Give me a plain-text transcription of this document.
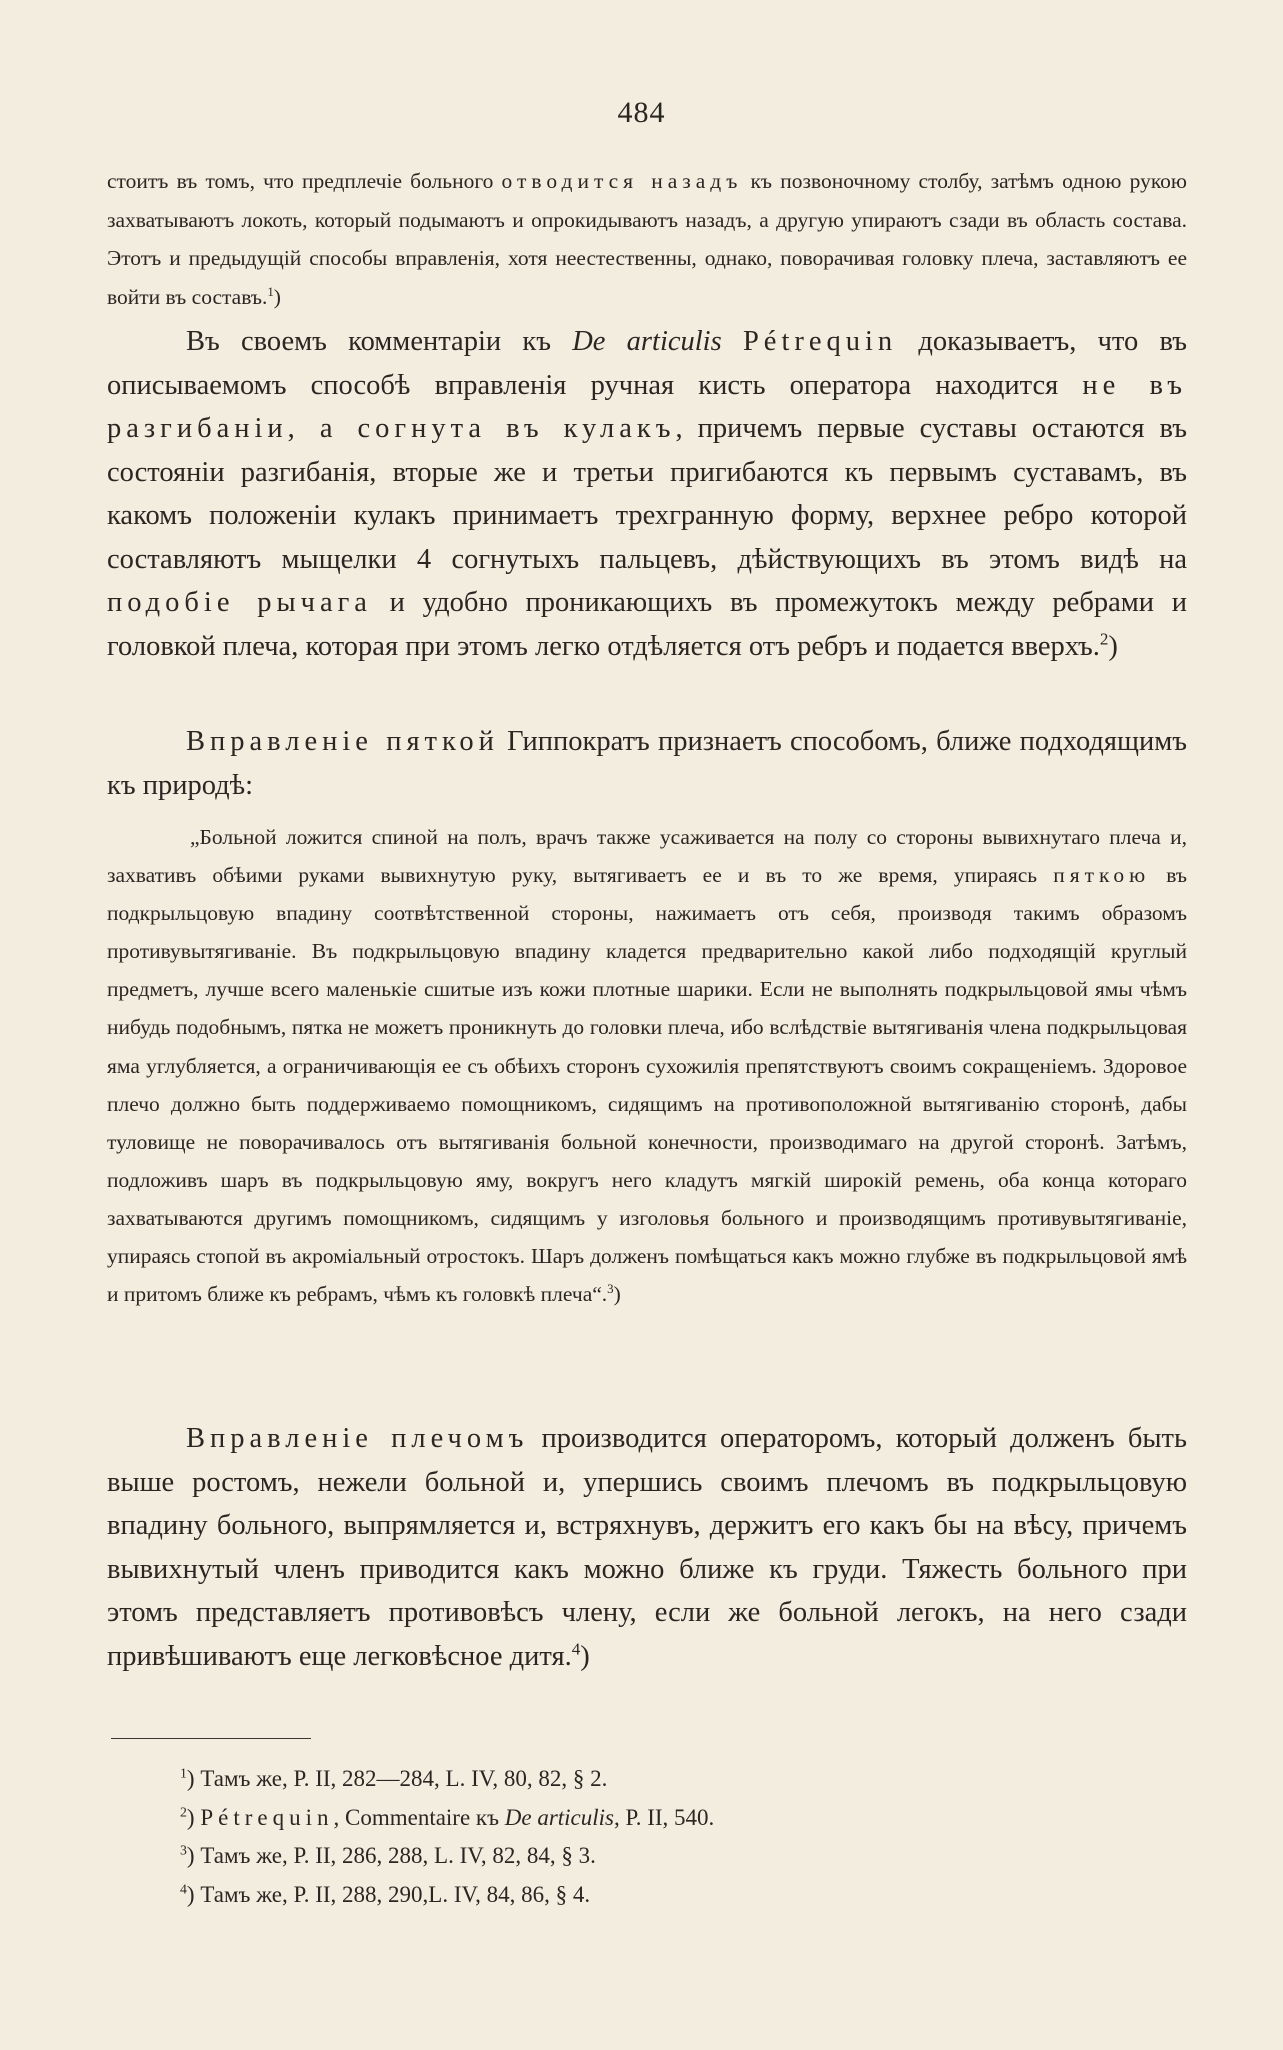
484
стоитъ въ томъ, что предплечіе больного отводится назадъ къ позвоночному столбу, затѣмъ одною рукою захватываютъ локоть, который подымаютъ и опрокидываютъ назадъ, а другую упираютъ сзади въ область состава. Этотъ и предыдущій способы вправленія, хотя неестественны, однако, поворачивая головку плеча, заставляютъ ее войти въ составъ.$^1$)
Въ своемъ комментаріи къ De articulis Pétrequin доказываетъ, что въ описываемомъ способѣ вправленія ручная кисть оператора находится не въ разгибаніи, а согнута въ кулакъ, причемъ первые суставы остаются въ состояніи разгибанія, вторые же и третьи пригибаются къ первымъ суставамъ, въ какомъ положеніи кулакъ принимаетъ трехгранную форму, верхнее ребро которой составляютъ мыщелки 4 согнутыхъ пальцевъ, дѣйствующихъ въ этомъ видѣ на подобіе рычага и удобно проникающихъ въ промежутокъ между ребрами и головкой плеча, которая при этомъ легко отдѣляется отъ ребръ и подается вверхъ.$^2$)
Вправленіе пяткой Гиппократъ признаетъ способомъ, ближе подходящимъ къ природѣ:
„Больной ложится спиной на полъ, врачъ также усаживается на полу со стороны вывихнутаго плеча и, захвативъ обѣими руками вывихнутую руку, вытягиваетъ ее и въ то же время, упираясь пяткою въ подкрыльцовую впадину соотвѣтственной стороны, нажимаетъ отъ себя, производя такимъ образомъ противувытягиваніе. Въ подкрыльцовую впадину кладется предварительно какой либо подходящій круглый предметъ, лучше всего маленькіе сшитые изъ кожи плотные шарики. Если не выполнять подкрыльцовой ямы чѣмъ нибудь подобнымъ, пятка не можетъ проникнуть до головки плеча, ибо вслѣдствіе вытягиванія члена подкрыльцовая яма углубляется, а ограничивающія ее съ обѣихъ сторонъ сухожилія препятствуютъ своимъ сокращеніемъ. Здоровое плечо должно быть поддерживаемо помощникомъ, сидящимъ на противоположной вытягиванію сторонѣ, дабы туловище не поворачивалось отъ вытягиванія больной конечности, производимаго на другой сторонѣ. Затѣмъ, подложивъ шаръ въ подкрыльцовую яму, вокругъ него кладутъ мягкій широкій ремень, оба конца котораго захватываются другимъ помощникомъ, сидящимъ у изголовья больного и производящимъ противувытягиваніе, упираясь стопой въ акроміальный отростокъ. Шаръ долженъ помѣщаться какъ можно глубже въ подкрыльцовой ямѣ и притомъ ближе къ ребрамъ, чѣмъ къ головкѣ плеча“.$^3$)
Вправленіе плечомъ производится операторомъ, который долженъ быть выше ростомъ, нежели больной и, упершись своимъ плечомъ въ подкрыльцовую впадину больного, выпрямляется и, встряхнувъ, держитъ его какъ бы на вѣсу, причемъ вывихнутый членъ приводится какъ можно ближе къ груди. Тяжесть больного при этомъ представляетъ противовѣсъ члену, если же больной легокъ, на него сзади привѣшиваютъ еще легковѣсное дитя.$^4$)
$^1$) Тамъ же, P. II, 282—284, L. IV, 80, 82, § 2.
$^2$) Pétrequin, Commentaire къ De articulis, P. II, 540.
$^3$) Тамъ же, P. II, 286, 288, L. IV, 82, 84, § 3.
$^4$) Тамъ же, P. II, 288, 290,L. IV, 84, 86, § 4.
